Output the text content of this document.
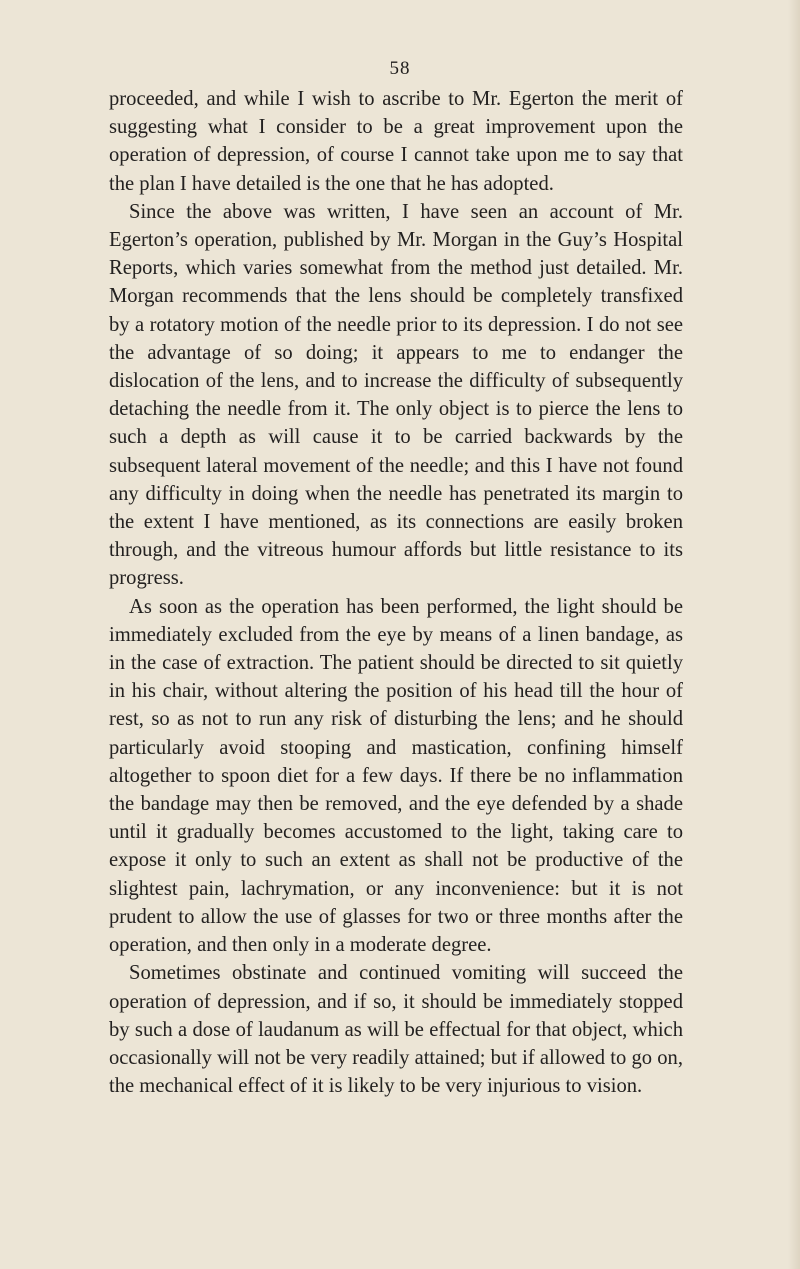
58

proceeded, and while I wish to ascribe to Mr. Egerton the merit of suggesting what I consider to be a great improvement upon the operation of depression, of course I cannot take upon me to say that the plan I have detailed is the one that he has adopted.

Since the above was written, I have seen an account of Mr. Egerton’s operation, published by Mr. Morgan in the Guy’s Hospital Reports, which varies somewhat from the method just detailed. Mr. Morgan recommends that the lens should be completely transfixed by a rotatory motion of the needle prior to its depression. I do not see the advantage of so doing; it appears to me to endanger the dislocation of the lens, and to increase the difficulty of subsequently detaching the needle from it. The only object is to pierce the lens to such a depth as will cause it to be carried backwards by the subsequent lateral movement of the needle; and this I have not found any difficulty in doing when the needle has penetrated its margin to the extent I have mentioned, as its connections are easily broken through, and the vitreous humour affords but little resistance to its progress.

As soon as the operation has been performed, the light should be immediately excluded from the eye by means of a linen bandage, as in the case of extraction. The patient should be directed to sit quietly in his chair, without altering the position of his head till the hour of rest, so as not to run any risk of disturbing the lens; and he should particularly avoid stooping and mastication, confining himself altogether to spoon diet for a few days. If there be no inflammation the bandage may then be removed, and the eye defended by a shade until it gradually becomes accustomed to the light, taking care to expose it only to such an extent as shall not be productive of the slightest pain, lachrymation, or any inconvenience: but it is not prudent to allow the use of glasses for two or three months after the operation, and then only in a moderate degree.

Sometimes obstinate and continued vomiting will succeed the operation of depression, and if so, it should be immediately stopped by such a dose of laudanum as will be effectual for that object, which occasionally will not be very readily attained; but if allowed to go on, the mechanical effect of it is likely to be very injurious to vision.
